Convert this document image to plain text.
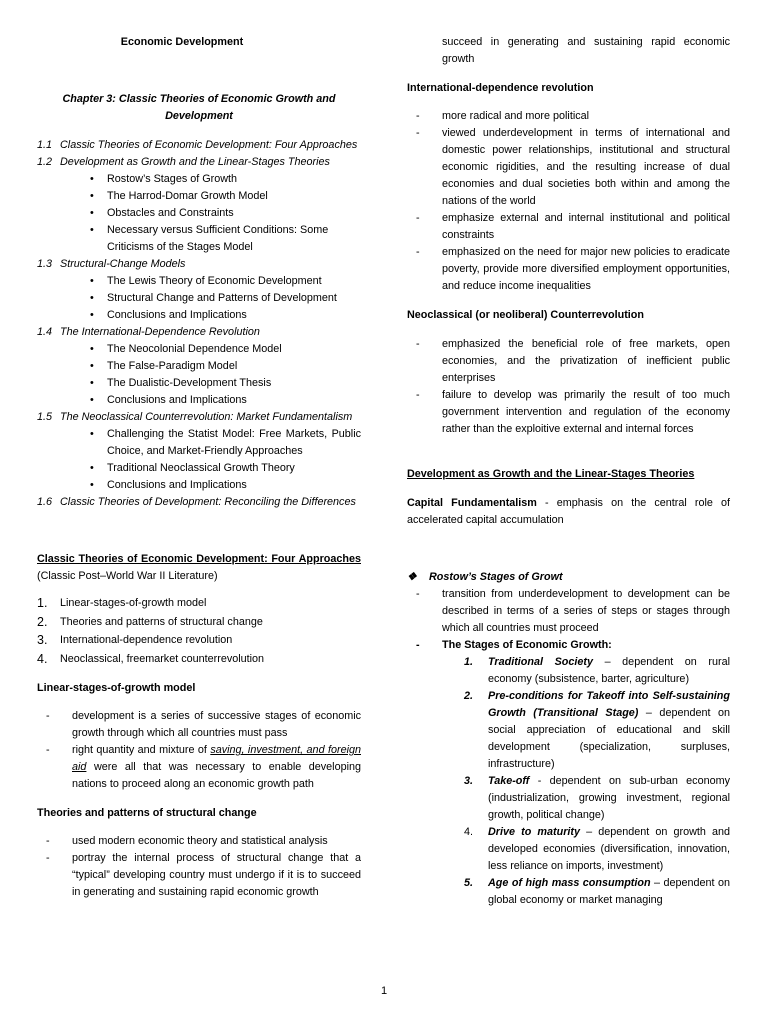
Economic Development

Chapter 3: Classic Theories of Economic Growth and
Development

1.1 Classic Theories of Economic Development: Four Approaches
1.2 Development as Growth and the Linear-Stages Theories
• Rostow’s Stages of Growth
• The Harrod-Domar Growth Model
• Obstacles and Constraints
• Necessary versus Sufficient Conditions: Some Criticisms of the Stages Model
1.3 Structural-Change Models
• The Lewis Theory of Economic Development
• Structural Change and Patterns of Development
• Conclusions and Implications
1.4 The International-Dependence Revolution
• The Neocolonial Dependence Model
• The False-Paradigm Model
• The Dualistic-Development Thesis
• Conclusions and Implications
1.5 The Neoclassical Counterrevolution: Market Fundamentalism
• Challenging the Statist Model: Free Markets, Public Choice, and Market-Friendly Approaches
• Traditional Neoclassical Growth Theory
• Conclusions and Implications
1.6 Classic Theories of Development: Reconciling the Differences

Classic Theories of Economic Development: Four Approaches (Classic Post–World War II Literature)

1. Linear-stages-of-growth model
2. Theories and patterns of structural change
3. International-dependence revolution
4. Neoclassical, freemarket counterrevolution

Linear-stages-of-growth model

- development is a series of successive stages of economic growth through which all countries must pass
- right quantity and mixture of saving, investment, and foreign aid were all that was necessary to enable developing nations to proceed along an economic growth path

Theories and patterns of structural change

- used modern economic theory and statistical analysis
- portray the internal process of structural change that a “typical” developing country must undergo if it is to succeed in generating and sustaining rapid economic growth
succeed in generating and sustaining rapid economic growth

International-dependence revolution

- more radical and more political
- viewed underdevelopment in terms of international and domestic power relationships, institutional and structural economic rigidities, and the resulting increase of dual economies and dual societies both within and among the nations of the world
- emphasize external and internal institutional and political constraints
- emphasized on the need for major new policies to eradicate poverty, provide more diversified employment opportunities, and reduce income inequalities

Neoclassical (or neoliberal) Counterrevolution

- emphasized the beneficial role of free markets, open economies, and the privatization of inefficient public enterprises
- failure to develop was primarily the result of too much government intervention and regulation of the economy rather than the exploitive external and internal forces

Development as Growth and the Linear-Stages Theories

Capital Fundamentalism - emphasis on the central role of accelerated capital accumulation

❖ Rostow’s Stages of Growt

- transition from underdevelopment to development can be described in terms of a series of steps or stages through which all countries must proceed
- The Stages of Economic Growth:
1. Traditional Society – dependent on rural economy (subsistence, barter, agriculture)
2. Pre-conditions for Takeoff into Self-sustaining Growth (Transitional Stage) – dependent on social appreciation of educational and skill development (specialization, surpluses, infrastructure)
3. Take-off - dependent on sub-urban economy (industrialization, growing investment, regional growth, political change)
4. Drive to maturity – dependent on growth and developed economies (diversification, innovation, less reliance on imports, investment)
5. Age of high mass consumption – dependent on global economy or market managing
1
